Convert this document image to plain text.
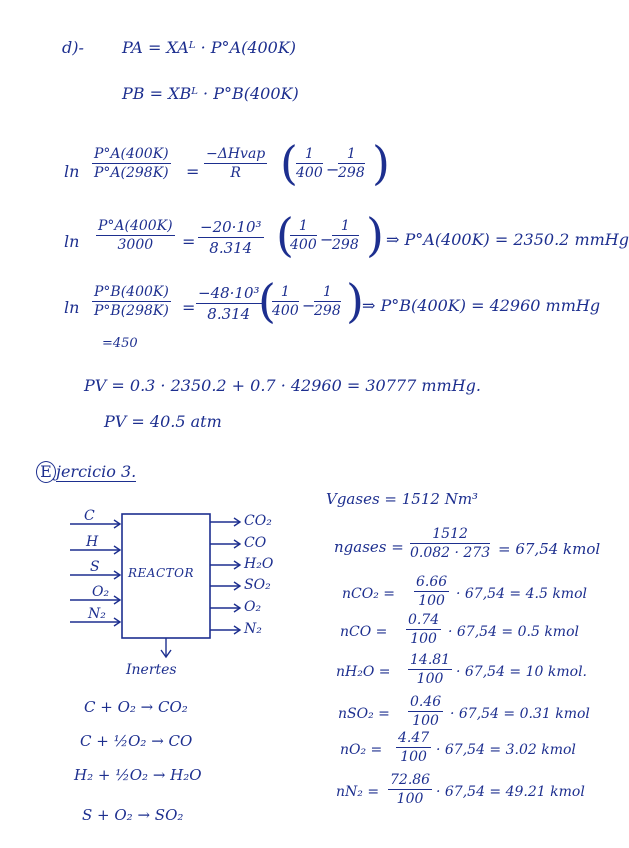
d)- PA = XAᴸ · P°A(400K)
PB = XBᴸ · P°B(400K)
$\ln \frac{P^\circ A(400K)}{P^\circ A(298K)}$ =
−ΔHvap
R (
$\frac{1}{400}$ −
$\frac{1}{298}$ )
$\ln \frac{P^\circ A(400K)}{3000} = \frac{\text{−20·10³}}{8.314}$ (
$\frac{1}{400}$ −
$\frac{1}{298}$ ) ⇒ P°A(400K) = 2350.2 mmHg
$\ln \frac{P^\circ B(400K)}{P^\circ B(298K)}$
=450
= $\frac{\text{−48·10³}}{8.314}$
(
$\frac{1}{400}$ −
$\frac{1}{298}$ )
⇒ P°B(400K) = 42960 mmHg
PV = 0.3 · 2350.2 + 0.7 · 42960 = 30777 mmHg.
PV = 40.5 atm
E jercicio 3.
REACTOR
C
H
S
O₂
N₂
CO₂
CO
H₂O
SO₂
O₂
N₂
Inertes
C + O₂ → CO₂
C + ½O₂ → CO
H₂ + ½O₂ → H₂O
S + O₂ → SO₂
Vgases = 1512 Nm³
ngases = $\frac{1512}{0.082 \cdot 273} = 67,54$ kmol
$nCO_2 = \frac{6.66}{100} \cdot 67,54 = 4.5$ kmol
nCO = $\frac{0.74}{100} \cdot 67,54 = 0.5$ kmol
$nH_2O = \frac{14.81}{100} \cdot 67,54 = 10$ kmol.
$nSO_2 = \frac{0.46}{100} \cdot 67,54 = 0.31$ kmol
$nO_2 = \frac{4.47}{100} \cdot 67,54 = 3.02$ kmol
$nN_2 = \frac{72.86}{100} \cdot 67,54 = 49.21$ kmol
